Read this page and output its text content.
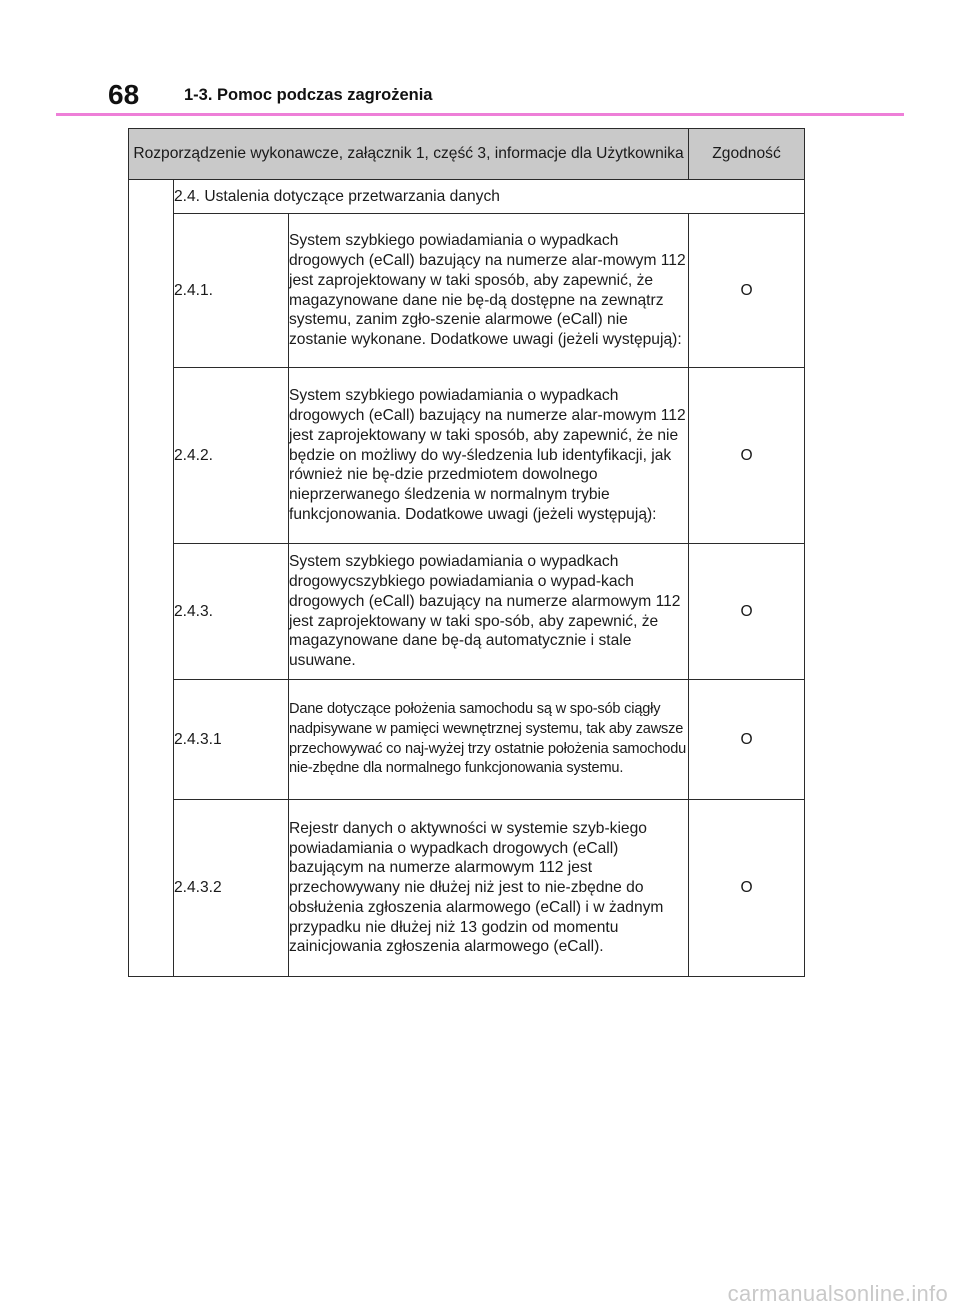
68	1-3. Pomoc podczas zagrożenia
Rozporządzenie wykonawcze, załącznik 1, część 3, informacje dla Użytkownika			Zgodność
	2.4. Ustalenia dotyczące przetwarzania danych		
	2.4.1.	System szybkiego powiadamiania o wypadkach drogowych (eCall) bazujący na numerze alar-mowym 112 jest zaprojektowany w taki sposób, aby zapewnić, że magazynowane dane nie bę-dą dostępne na zewnątrz systemu, zanim zgło-szenie alarmowe (eCall) nie zostanie wykonane. Dodatkowe uwagi (jeżeli występują):	O
	2.4.2.	System szybkiego powiadamiania o wypadkach drogowych (eCall) bazujący na numerze alar-mowym 112 jest zaprojektowany w taki sposób, aby zapewnić, że nie będzie on możliwy do wy-śledzenia lub identyfikacji, jak również nie bę-dzie przedmiotem dowolnego nieprzerwanego śledzenia w normalnym trybie funkcjonowania. Dodatkowe uwagi (jeżeli występują):	O
	2.4.3.	System szybkiego powiadamiania o wypadkach drogowycszybkiego powiadamiania o wypad-kach drogowych (eCall) bazujący na numerze alarmowym 112 jest zaprojektowany w taki spo-sób, aby zapewnić, że magazynowane dane bę-dą automatycznie i stale usuwane.	O
	2.4.3.1	Dane dotyczące położenia samochodu są w spo-sób ciągły nadpisywane w pamięci wewnętrznej systemu, tak aby zawsze przechowywać co naj-wyżej trzy ostatnie położenia samochodu nie-zbędne dla normalnego funkcjonowania systemu.	O
	2.4.3.2	Rejestr danych o aktywności w systemie szyb-kiego powiadamiania o wypadkach drogowych (eCall) bazującym na numerze alarmowym 112 jest przechowywany nie dłużej niż jest to nie-zbędne do obsłużenia zgłoszenia alarmowego (eCall) i w żadnym przypadku nie dłużej niż 13 godzin od momentu zainicjowania zgłoszenia alarmowego (eCall).	O
carmanualsonline.info
